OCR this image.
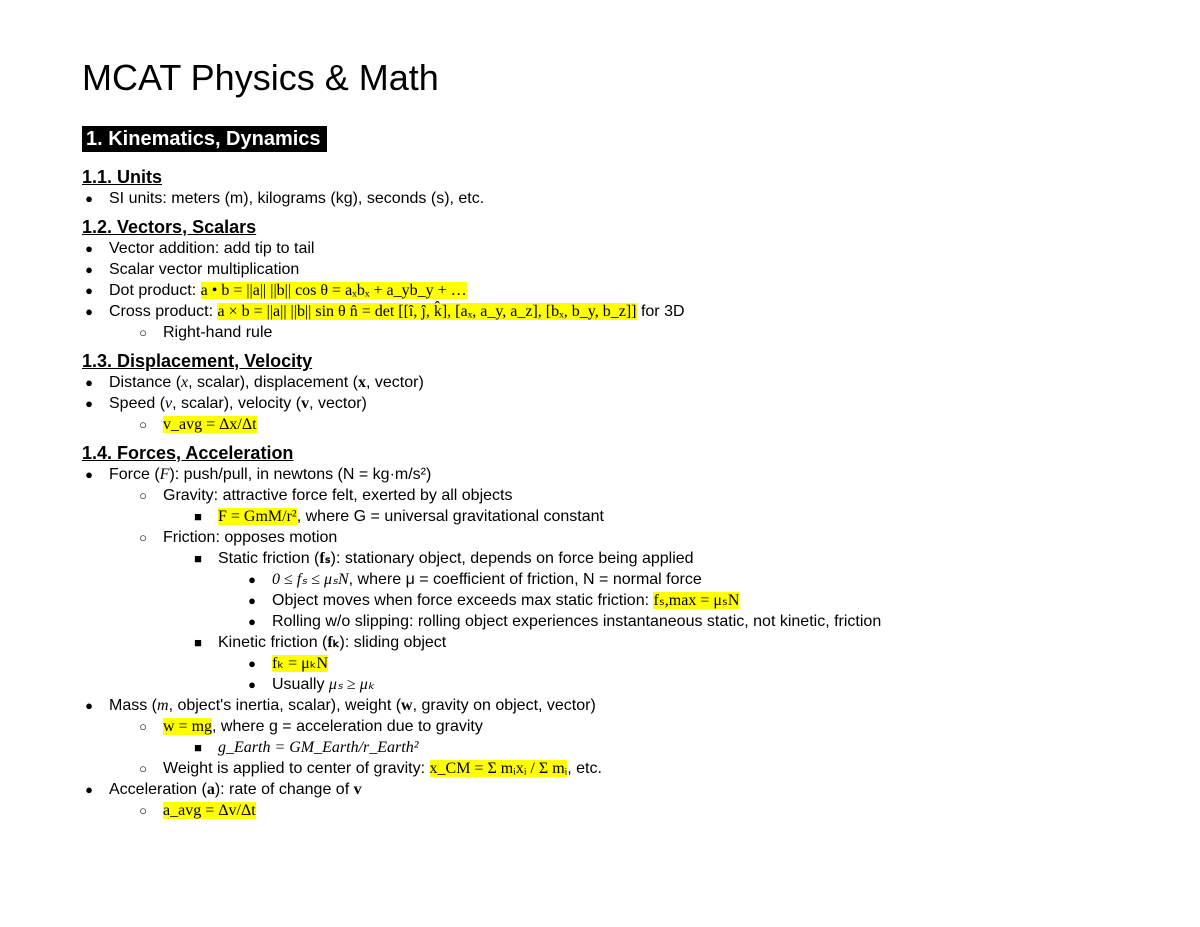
MCAT Physics & Math
1. Kinematics, Dynamics
1.1. Units
● SI units: meters (m), kilograms (kg), seconds (s), etc.
1.2. Vectors, Scalars
● Vector addition: add tip to tail
● Scalar vector multiplication
● Dot product: a • b = ||a|| ||b|| cos θ = aₓbₓ + a_yb_y + …
● Cross product: a × b = ||a|| ||b|| sin θ n̂ = det [[î, ĵ, k̂], [aₓ, a_y, a_z], [bₓ, b_y, b_z]] for 3D
○ Right-hand rule
1.3. Displacement, Velocity
● Distance (x, scalar), displacement (x, vector)
● Speed (v, scalar), velocity (v, vector)
○ v_avg = Δx/Δt
1.4. Forces, Acceleration
● Force (F): push/pull, in newtons (N = kg·m/s²)
○ Gravity: attractive force felt, exerted by all objects
■ F = GmM/r², where G = universal gravitational constant
○ Friction: opposes motion
■ Static friction (fₛ): stationary object, depends on force being applied
● 0 ≤ fₛ ≤ μₛN, where μ = coefficient of friction, N = normal force
● Object moves when force exceeds max static friction: fₛ,max = μₛN
● Rolling w/o slipping: rolling object experiences instantaneous static, not kinetic, friction
■ Kinetic friction (fₖ): sliding object
● fₖ = μₖN
● Usually μₛ ≥ μₖ
● Mass (m, object's inertia, scalar), weight (w, gravity on object, vector)
○ w = mg, where g = acceleration due to gravity
■ g_Earth = GM_Earth/r_Earth²
○ Weight is applied to center of gravity: x_CM = Σ mᵢxᵢ / Σ mᵢ, etc.
● Acceleration (a): rate of change of v
○ a_avg = Δv/Δt
